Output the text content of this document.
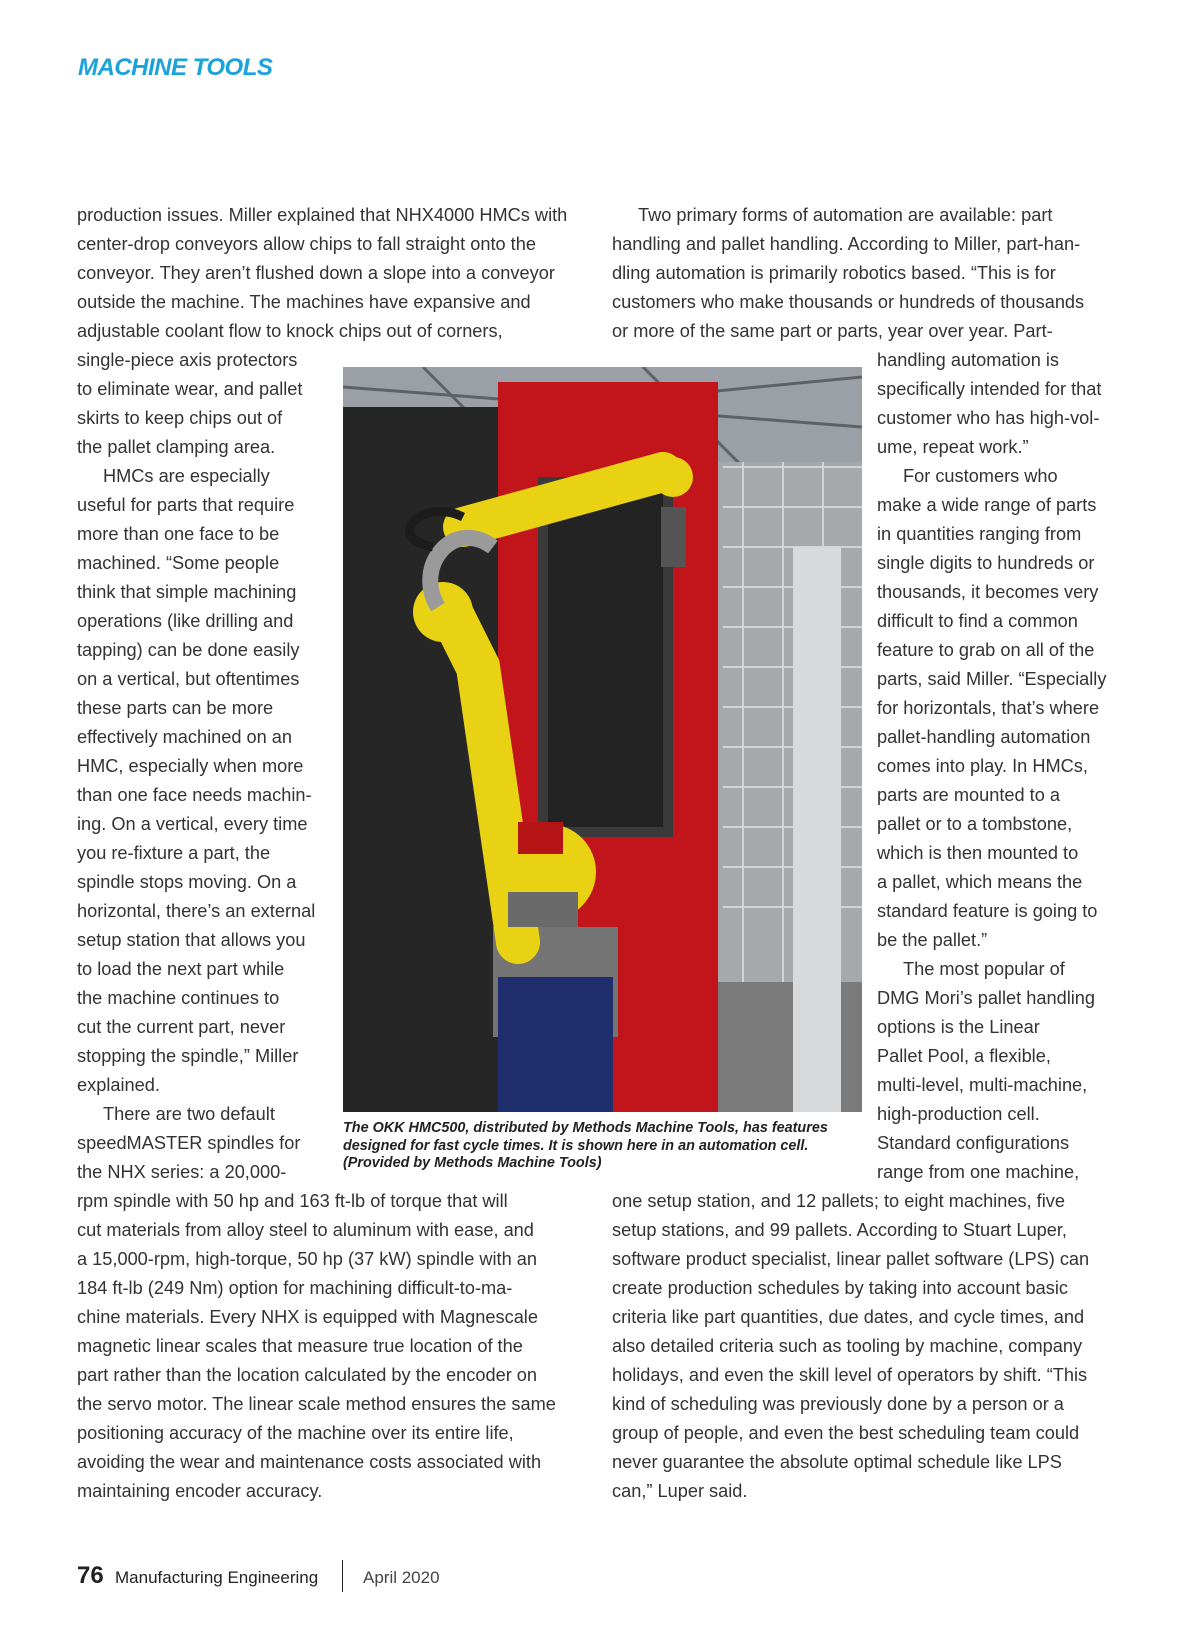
MACHINE TOOLS
production issues. Miller explained that NHX4000 HMCs with
center-drop conveyors allow chips to fall straight onto the
conveyor. They aren’t flushed down a slope into a conveyor
outside the machine. The machines have expansive and
adjustable coolant flow to knock chips out of corners,
single-piece axis protectors
to eliminate wear, and pallet
skirts to keep chips out of
the pallet clamping area.
HMCs are especially
useful for parts that require
more than one face to be
machined. “Some people
think that simple machining
operations (like drilling and
tapping) can be done easily
on a vertical, but oftentimes
these parts can be more
effectively machined on an
HMC, especially when more
than one face needs machin-
ing. On a vertical, every time
you re-fixture a part, the
spindle stops moving. On a
horizontal, there’s an external
setup station that allows you
to load the next part while
the machine continues to
cut the current part, never
stopping the spindle,” Miller
explained.
There are two default
speedMASTER spindles for
the NHX series: a 20,000-
rpm spindle with 50 hp and 163 ft-lb of torque that will
cut materials from alloy steel to aluminum with ease, and
a 15,000-rpm, high-torque, 50 hp (37 kW) spindle with an
184 ft-lb (249 Nm) option for machining difficult-to-ma-
chine materials. Every NHX is equipped with Magnescale
magnetic linear scales that measure true location of the
part rather than the location calculated by the encoder on
the servo motor. The linear scale method ensures the same
positioning accuracy of the machine over its entire life,
avoiding the wear and maintenance costs associated with
maintaining encoder accuracy.
Two primary forms of automation are available: part
handling and pallet handling. According to Miller, part-han-
dling automation is primarily robotics based. “This is for
customers who make thousands or hundreds of thousands
or more of the same part or parts, year over year. Part-
handling automation is
specifically intended for that
customer who has high-vol-
ume, repeat work.”
For customers who
make a wide range of parts
in quantities ranging from
single digits to hundreds or
thousands, it becomes very
difficult to find a common
feature to grab on all of the
parts, said Miller. “Especially
for horizontals, that’s where
pallet-handling automation
comes into play. In HMCs,
parts are mounted to a
pallet or to a tombstone,
which is then mounted to
a pallet, which means the
standard feature is going to
be the pallet.”
The most popular of
DMG Mori’s pallet handling
options is the Linear
Pallet Pool, a flexible,
multi-level, multi-machine,
high-production cell.
Standard configurations
range from one machine,
one setup station, and 12 pallets; to eight machines, five
setup stations, and 99 pallets. According to Stuart Luper,
software product specialist, linear pallet software (LPS) can
create production schedules by taking into account basic
criteria like part quantities, due dates, and cycle times, and
also detailed criteria such as tooling by machine, company
holidays, and even the skill level of operators by shift. “This
kind of scheduling was previously done by a person or a
group of people, and even the best scheduling team could
never guarantee the absolute optimal schedule like LPS
can,” Luper said.
The OKK HMC500, distributed by Methods Machine Tools, has features designed for fast cycle times. It is shown here in an automation cell. (Provided by Methods Machine Tools)
76 Manufacturing Engineering	April 2020
